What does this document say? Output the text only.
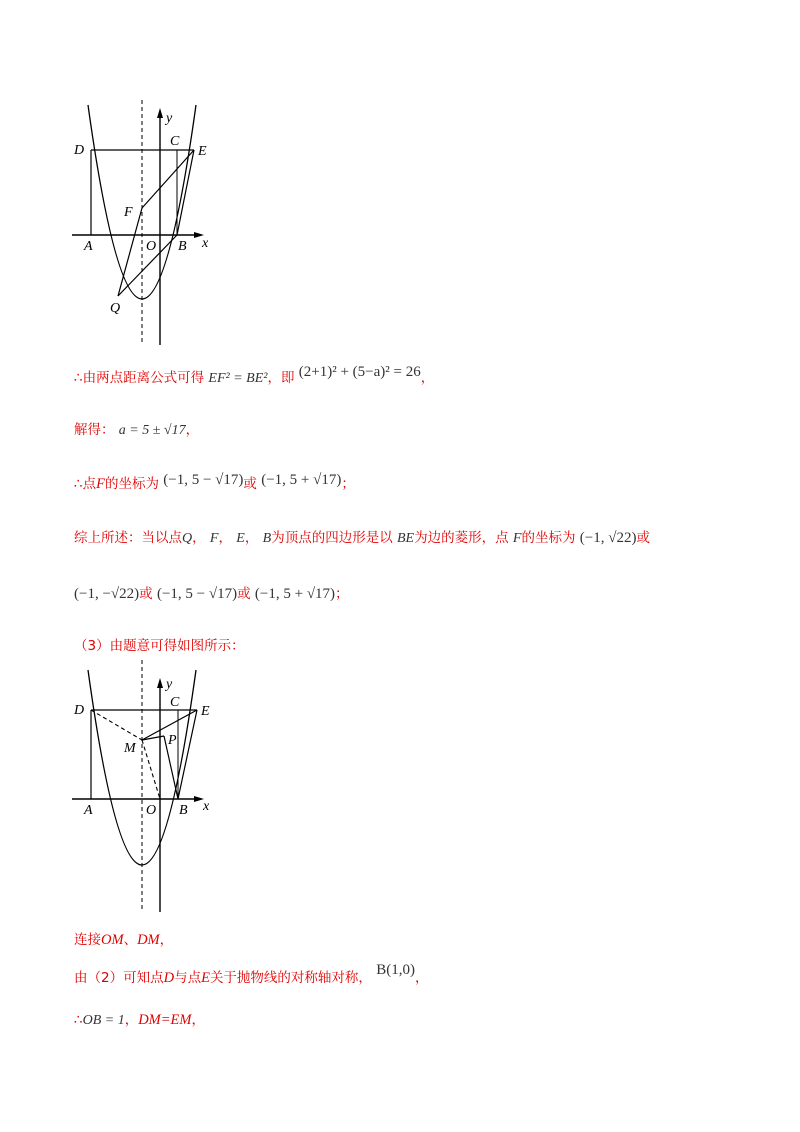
D
C
E
y
F
A	O B x
Q
∴由两点距离公式可得 EF² = BE²，即 (2+1)² + (5−a)² = 26，
解得： a = 5 ± √17，
∴点F的坐标为 (−1, 5 − √17)或 (−1, 5 + √17)；
综上所述：当以点Q， F， E， B为顶点的四边形是以 BE为边的菱形，点 F的坐标为 (−1, √22)或
(−1, −√22)或 (−1, 5 − √17)或 (−1, 5 + √17)；
（3）由题意可得如图所示：
D
C
E
y
M
P
A	O B x
连接OM、DM，
由（2）可知点D与点E关于抛物线的对称轴对称， B(1,0)，
∴OB = 1，DM=EM，
